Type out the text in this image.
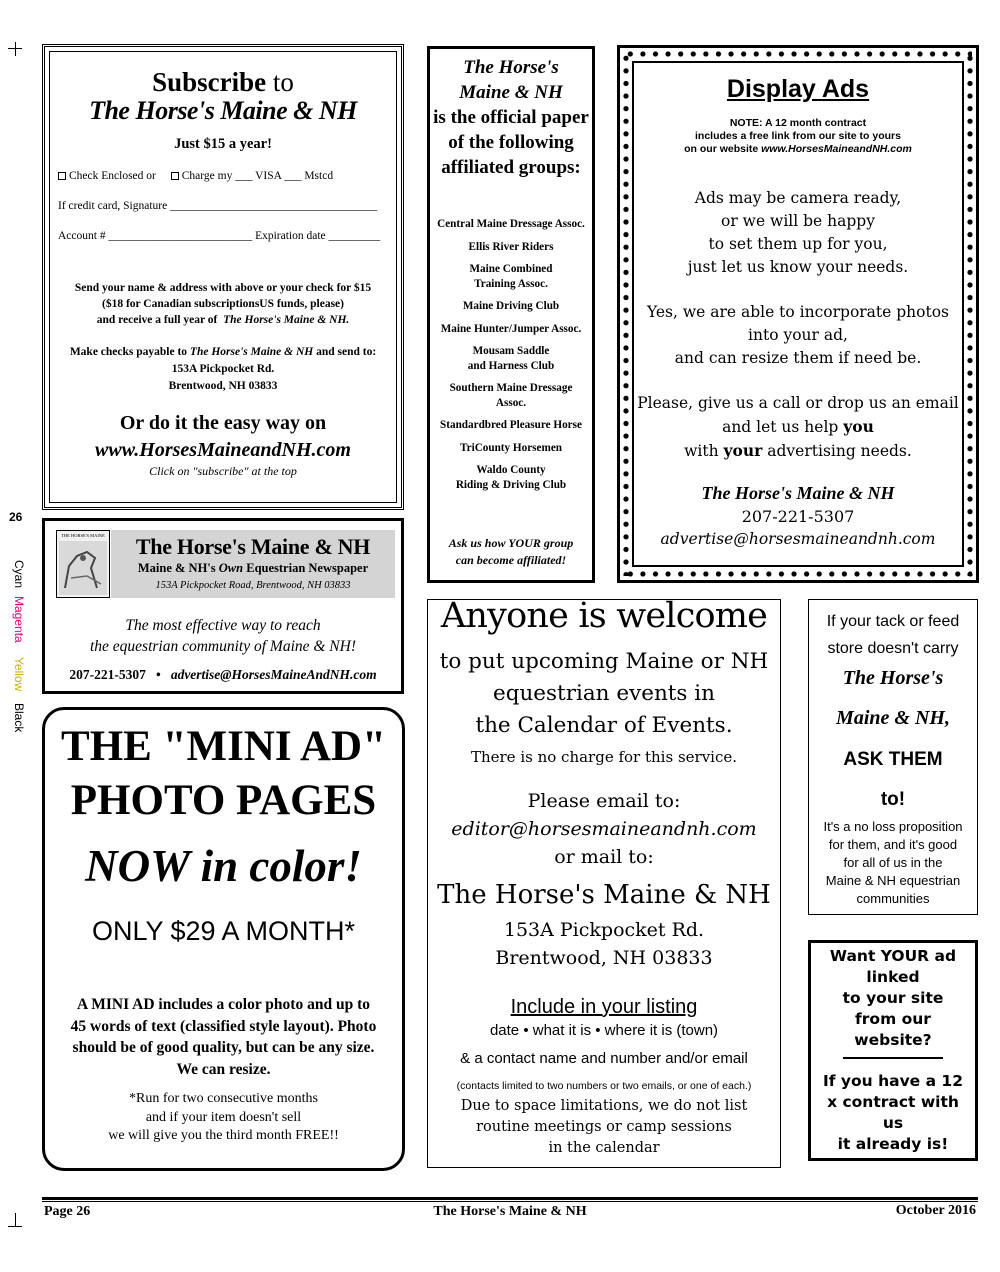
26
Cyan
Magenta
Yellow
Black
Subscribe to
The Horse's Maine & NH
Just $15 a year!
Check Enclosed or Charge my ___ VISA ___ Mstcd
If credit card, Signature ____________________________________
Account # _________________________ Expiration date _________
Send your name & address with above or your check for $15
($18 for Canadian subscriptionsUS funds, please)
and receive a full year of The Horse's Maine & NH.
Make checks payable to The Horse's Maine & NH and send to:
153A Pickpocket Rd.
Brentwood, NH 03833
Or do it the easy way on
www.HorsesMaineandNH.com
Click on "subscribe" at the top
The Horse's
Maine & NH
is the official paper
of the following
affiliated groups:
Central Maine Dressage Assoc.
Ellis River Riders
Maine Combined
Training Assoc.
Maine Driving Club
Maine Hunter/Jumper Assoc.
Mousam Saddle
and Harness Club
Southern Maine Dressage
Assoc.
Standardbred Pleasure Horse
TriCounty Horsemen
Waldo County
Riding & Driving Club
Ask us how YOUR group
can become affiliated!
Display Ads
NOTE: A 12 month contract
includes a free link from our site to yours
on our website www.HorsesMaineandNH.com
Ads may be camera ready,
or we will be happy
to set them up for you,
just let us know your needs.
Yes, we are able to incorporate photos
into your ad,
and can resize them if need be.
Please, give us a call or drop us an email
and let us help you
with your advertising needs.
The Horse's Maine & NH
207-221-5307
advertise@horsesmaineandnh.com
THE HORSE'S MAINE	The Horse's Maine & NH
Maine & NH's Own Equestrian Newspaper
153A Pickpocket Road, Brentwood, NH 03833
The most effective way to reach
the equestrian community of Maine & NH!
207-221-5307 • advertise@HorsesMaineAndNH.com
THE "MINI AD"
PHOTO PAGES
NOW in color!
ONLY $29 A MONTH*
A MINI AD includes a color photo and up to
45 words of text (classified style layout). Photo
should be of good quality, but can be any size.
We can resize.
*Run for two consecutive months
and if your item doesn't sell
we will give you the third month FREE!!
Anyone is welcome
to put upcoming Maine or NH
equestrian events in
the Calendar of Events.
There is no charge for this service.
Please email to:
editor@horsesmaineandnh.com
or mail to:
The Horse's Maine & NH
153A Pickpocket Rd.
Brentwood, NH 03833
Include in your listing
date • what it is • where it is (town)
& a contact name and number and/or email
(contacts limited to two numbers or two emails, or one of each.)
Due to space limitations, we do not list
routine meetings or camp sessions
in the calendar
If your tack or feed
store doesn't carry
The Horse's
Maine & NH,
ASK THEM
to!
It's a no loss proposition
for them, and it's good
for all of us in the
Maine & NH equestrian
communities
Want YOUR ad
linked
to your site
from our
website?
If you have a 12
x contract with
us
it already is!
Page 26	The Horse's Maine & NH	October 2016
